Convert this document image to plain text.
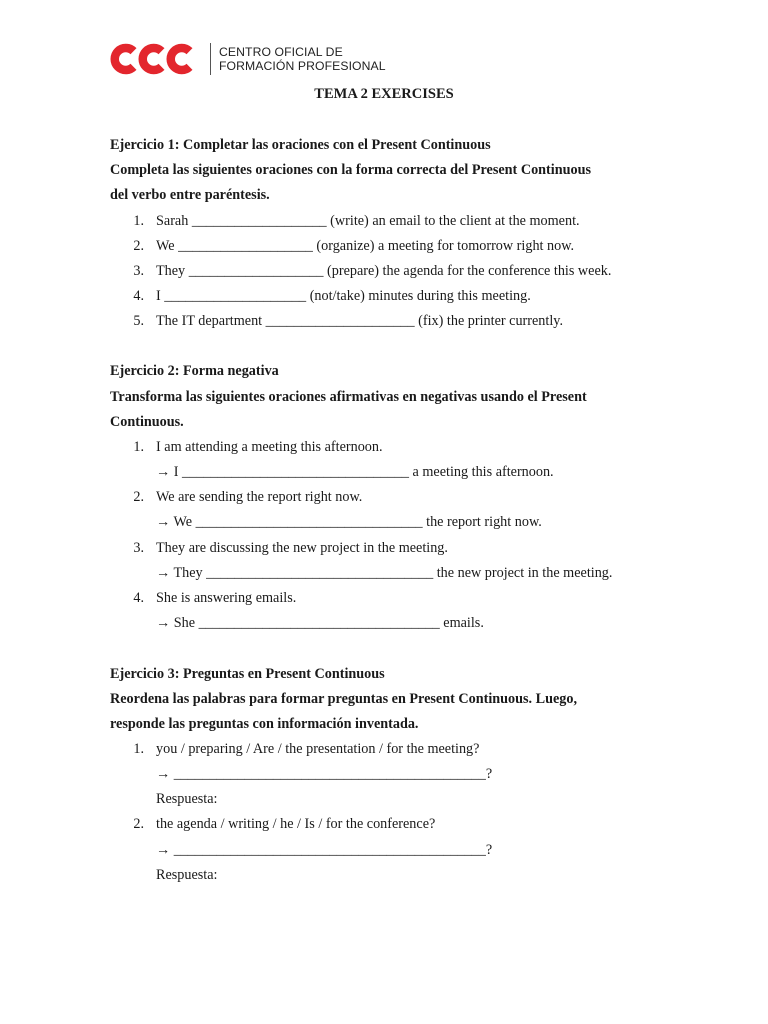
CENTRO OFICIAL DE
FORMACIÓN PROFESIONAL
TEMA 2 EXERCISES
Ejercicio 1: Completar las oraciones con el Present Continuous
Completa las siguientes oraciones con la forma correcta del Present Continuous
del verbo entre paréntesis.
1. Sarah ___________________ (write) an email to the client at the moment.
2. We ___________________ (organize) a meeting for tomorrow right now.
3. They ___________________ (prepare) the agenda for the conference this week.
4. I ____________________ (not/take) minutes during this meeting.
5. The IT department _____________________ (fix) the printer currently.
Ejercicio 2: Forma negativa
Transforma las siguientes oraciones afirmativas en negativas usando el Present
Continuous.
1. I am attending a meeting this afternoon.
→ I ________________________________ a meeting this afternoon.
2. We are sending the report right now.
→ We ________________________________ the report right now.
3. They are discussing the new project in the meeting.
→ They ________________________________ the new project in the meeting.
4. She is answering emails.
→ She __________________________________ emails.
Ejercicio 3: Preguntas en Present Continuous
Reordena las palabras para formar preguntas en Present Continuous. Luego,
responde las preguntas con información inventada.
1. you / preparing / Are / the presentation / for the meeting?
→ ____________________________________________?
Respuesta:
2. the agenda / writing / he / Is / for the conference?
→ ____________________________________________?
Respuesta:
